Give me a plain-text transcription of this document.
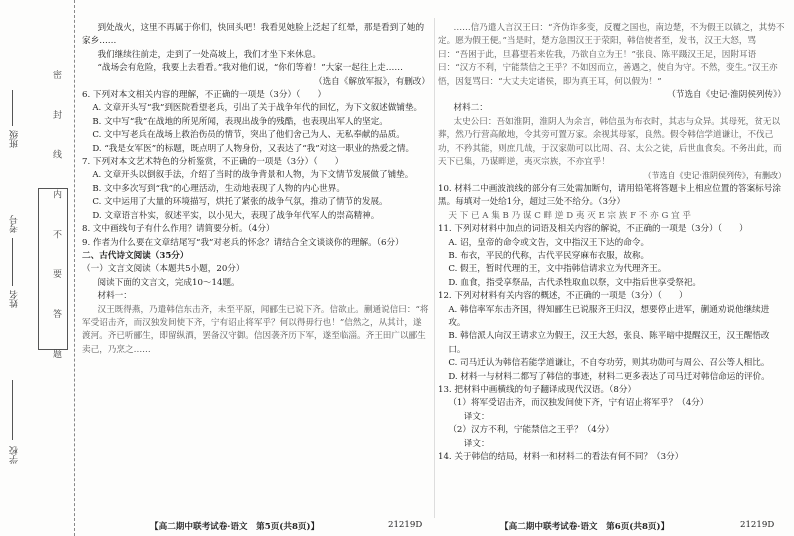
班级
姓名
考号
学校
密 封 线 内 不 要 答 题

到处战火，这里不再属于你们，快回头吧！我看见她脸上泛起了红晕，那是看到了她的家乡……

我们继续往前走，走到了一处高坡上，我们才坐下来休息。

“战场会有危险，我要上去看看。”我对他们说，“你们等着！”大家一起往上走……

（选自《解放军报》，有删改）

6. 下列对本文相关内容的理解，不正确的一项是（3分）（　　）

A. 文章开头写“我”到医院看望老兵，引出了关于战争年代的回忆，为下文叙述做铺垫。

B. 文中写“我”在战地的所见所闻，表现出战争的残酷，也表现出军人的坚定。

C. 文中写老兵在战场上救治伤员的情节，突出了他们舍己为人、无私奉献的品质。

D. “我是女军医”的标题，既点明了人物身份，又表达了“我”对这一职业的热爱之情。

7. 下列对本文艺术特色的分析鉴赏，不正确的一项是（3分）（　　）

A. 文章开头以倒叙手法，介绍了当时的战争背景和人物，为下文情节发展做了铺垫。

B. 文中多次写到“我”的心理活动，生动地表现了人物的内心世界。

C. 文中运用了大量的环境描写，烘托了紧张的战争气氛，推动了情节的发展。

D. 文章语言朴实，叙述平实，以小见大，表现了战争年代军人的崇高精神。

8. 文中画线句子有什么作用？请简要分析。（4分）

9. 作者为什么要在文章结尾写“我”对老兵的怀念？请结合全文谈谈你的理解。（6分）

二、古代诗文阅读（35分）

（一）文言文阅读（本题共5小题，20分）

阅读下面的文言文，完成10～14题。

材料一：

汉王既得燕，乃遣韩信东击齐，未至平原，闻郦生已说下齐。信欲止。蒯通说信曰：“将军受诏击齐，而汉独发间使下齐，宁有诏止将军乎？何以得毋行也！”信然之，从其计，遂渡河。齐已听郦生，即留纵酒，罢备汉守御。信因袭齐历下军，遂至临淄。齐王田广以郦生卖己，乃烹之……

【高二期中联考试卷·语文　第5页(共8页)】	21219D

……信乃遣人言汉王曰：“齐伪诈多变，反覆之国也，南边楚，不为假王以镇之，其势不定。愿为假王便。”当是时，楚方急围汉王于荥阳，韩信使者至，发书，汉王大怒，骂曰：“吾困于此，旦暮望若来佐我，乃欲自立为王！”张良、陈平蹑汉王足，因附耳语曰：“汉方不利，宁能禁信之王乎？不如因而立，善遇之，使自为守。不然，变生。”汉王亦悟，因复骂曰：“大丈夫定诸侯，即为真王耳，何以假为！”

（节选自《史记·淮阴侯列传》）

材料二：

太史公曰：吾如淮阴，淮阴人为余言，韩信虽为布衣时，其志与众异。其母死，贫无以葬，然乃行营高敞地，令其旁可置万家。余视其母冢，良然。假令韩信学道谦让，不伐己功，不矜其能，则庶几哉，于汉家勋可以比周、召、太公之徒，后世血食矣。不务出此，而天下已集，乃谋畔逆，夷灭宗族，不亦宜乎！

（节选自《史记·淮阴侯列传》，有删改）

10. 材料二中画波浪线的部分有三处需加断句，请用铅笔将答题卡上相应位置的答案标号涂黑。每填对一处给1分，超过三处不给分。（3分）

天 下 已 A 集 B 乃 谋 C 畔 逆 D 夷 灭 E 宗 族 F 不 亦 G 宜 乎

11. 下列对材料中加点的词语及相关内容的解说，不正确的一项是（3分）（　　）

A. 诏，皇帝的命令或文告，文中指汉王下达的命令。

B. 布衣，平民的代称，古代平民穿麻布衣服，故称。

C. 假王，暂时代理的王，文中指韩信请求立为代理齐王。

D. 血食，指受享祭品，古代杀牲取血以祭，文中指后世享受祭祀。

12. 下列对材料有关内容的概述，不正确的一项是（3分）（　　）

A. 韩信率军东击齐国，得知郦生已说服齐王归汉，想要停止进军，蒯通劝说他继续进攻。

B. 韩信派人向汉王请求立为假王，汉王大怒，张良、陈平暗中提醒汉王，汉王醒悟改口。

C. 司马迁认为韩信若能学道谦让，不自夸功劳，则其功勋可与周公、召公等人相比。

D. 材料一与材料二都写了韩信的事迹，材料二更多表达了司马迁对韩信命运的评价。

13. 把材料中画横线的句子翻译成现代汉语。（8分）

（1）将军受诏击齐，而汉独发间使下齐，宁有诏止将军乎？（4分）

译文：

（2）汉方不利，宁能禁信之王乎？（4分）

译文：

14. 关于韩信的结局，材料一和材料二的看法有何不同？（3分）

【高二期中联考试卷·语文　第6页(共8页)】	21219D
